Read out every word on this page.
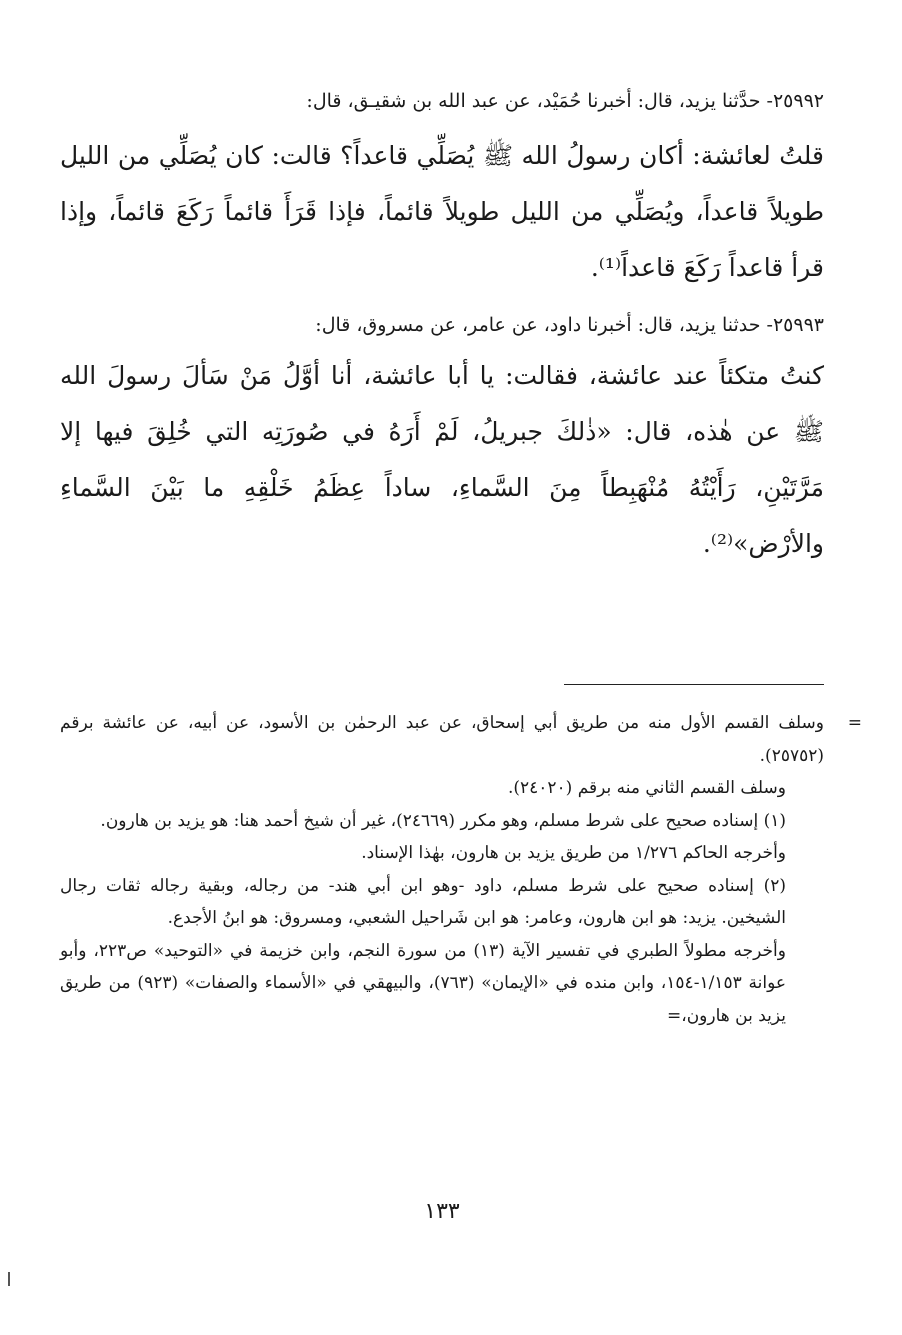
٢٥٩٩٢- حدَّثنا يزيد، قال: أخبرنا حُمَيْد، عن عبد الله بن شقيـق، قال:

قلتُ لعائشة: أكان رسولُ الله ﷺ يُصَلِّي قاعداً؟ قالت: كان يُصَلِّي من الليل طويلاً قاعداً، ويُصَلِّي من الليل طويلاً قائماً، فإذا قَرَأَ قائماً رَكَعَ قائماً، وإذا قرأ قاعداً رَكَعَ قاعداً⁽¹⁾.

٢٥٩٩٣- حدثنا يزيد، قال: أخبرنا داود، عن عامر، عن مسروق، قال:

كنتُ متكئاً عند عائشة، فقالت: يا أبا عائشة، أنا أوَّلُ مَنْ سَألَ رسولَ الله ﷺ عن هٰذه، قال: «ذٰلكَ جبريلُ، لَمْ أَرَهُ في صُورَتِه التي خُلِقَ فيها إلا مَرَّتَيْنِ، رَأَيْتُهُ مُنْهَبِطاً مِنَ السَّماءِ، ساداً عِظَمُ خَلْقِهِ ما بَيْنَ السَّماءِ والأرْض»⁽²⁾.

=
وسلف القسم الأول منه من طريق أبي إسحاق، عن عبد الرحمٰن بن الأسود، عن أبيه، عن عائشة برقم (٢٥٧٥٢).

وسلف القسم الثاني منه برقم (٢٤٠٢٠).

(١) إسناده صحيح على شرط مسلم، وهو مكرر (٢٤٦٦٩)، غير أن شيخ أحمد هنا: هو يزيد بن هارون.

وأخرجه الحاكم ١/٢٧٦ من طريق يزيد بن هارون، بهٰذا الإسناد.

(٢) إسناده صحيح على شرط مسلم، داود -وهو ابن أبي هند- من رجاله، وبقية رجاله ثقات رجال الشيخين. يزيد: هو ابن هارون، وعامر: هو ابن شَراحيل الشعبي، ومسروق: هو ابنُ الأجدع.

وأخرجه مطولاً الطبري في تفسير الآية (١٣) من سورة النجم، وابن خزيمة في «التوحيد» ص٢٢٣، وأبو عوانة ١/١٥٣-١٥٤، وابن منده في «الإيمان» (٧٦٣)، والبيهقي في «الأسماء والصفات» (٩٢٣) من طريق يزيد بن هارون،=

١٣٣
